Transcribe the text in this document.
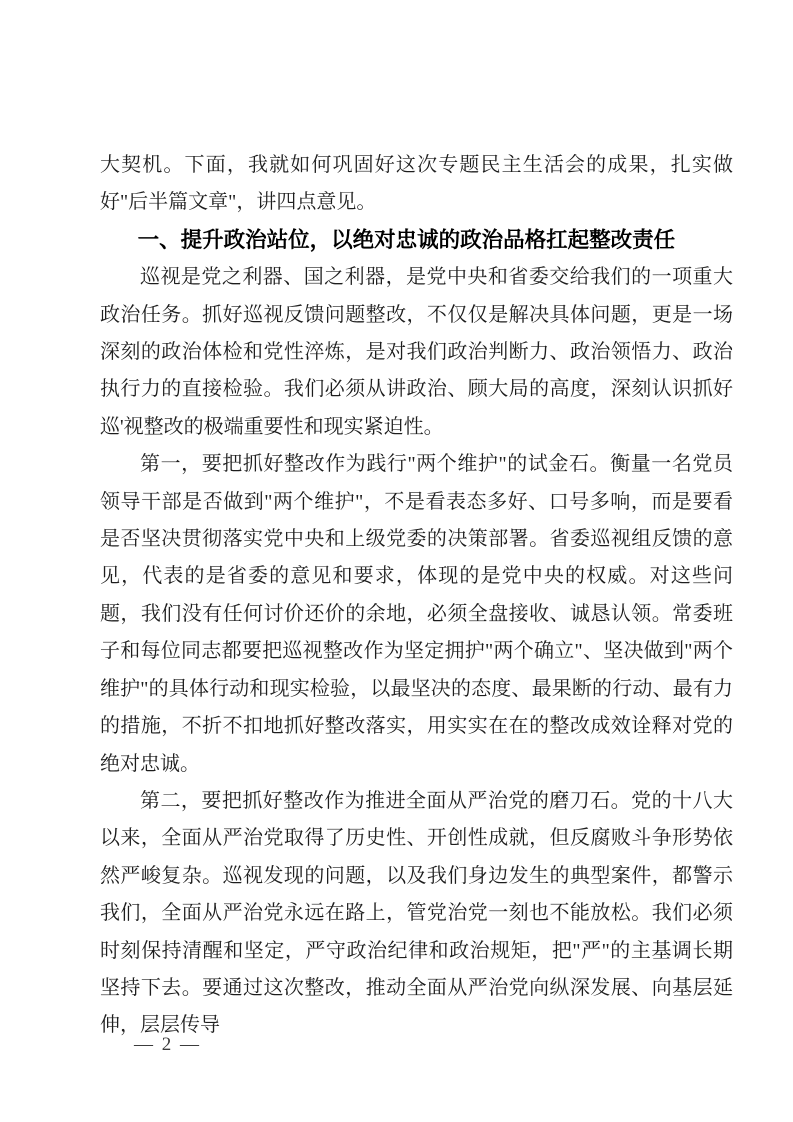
大契机。下面，我就如何巩固好这次专题民主生活会的成果，扎实做好"后半篇文章"，讲四点意见。

一、提升政治站位，以绝对忠诚的政治品格扛起整改责任

巡视是党之利器、国之利器，是党中央和省委交给我们的一项重大政治任务。抓好巡视反馈问题整改，不仅仅是解决具体问题，更是一场深刻的政治体检和党性淬炼，是对我们政治判断力、政治领悟力、政治执行力的直接检验。我们必须从讲政治、顾大局的高度，深刻认识抓好巡'视整改的极端重要性和现实紧迫性。

第一，要把抓好整改作为践行"两个维护"的试金石。衡量一名党员领导干部是否做到"两个维护"，不是看表态多好、口号多响，而是要看是否坚决贯彻落实党中央和上级党委的决策部署。省委巡视组反馈的意见，代表的是省委的意见和要求，体现的是党中央的权威。对这些问题，我们没有任何讨价还价的余地，必须全盘接收、诚恳认领。常委班子和每位同志都要把巡视整改作为坚定拥护"两个确立"、坚决做到"两个维护"的具体行动和现实检验，以最坚决的态度、最果断的行动、最有力的措施，不折不扣地抓好整改落实，用实实在在的整改成效诠释对党的绝对忠诚。

第二，要把抓好整改作为推进全面从严治党的磨刀石。党的十八大以来，全面从严治党取得了历史性、开创性成就，但反腐败斗争形势依然严峻复杂。巡视发现的问题，以及我们身边发生的典型案件，都警示我们，全面从严治党永远在路上，管党治党一刻也不能放松。我们必须时刻保持清醒和坚定，严守政治纪律和政治规矩，把"严"的主基调长期坚持下去。要通过这次整改，推动全面从严治党向纵深发展、向基层延伸，层层传导

— 2 —
